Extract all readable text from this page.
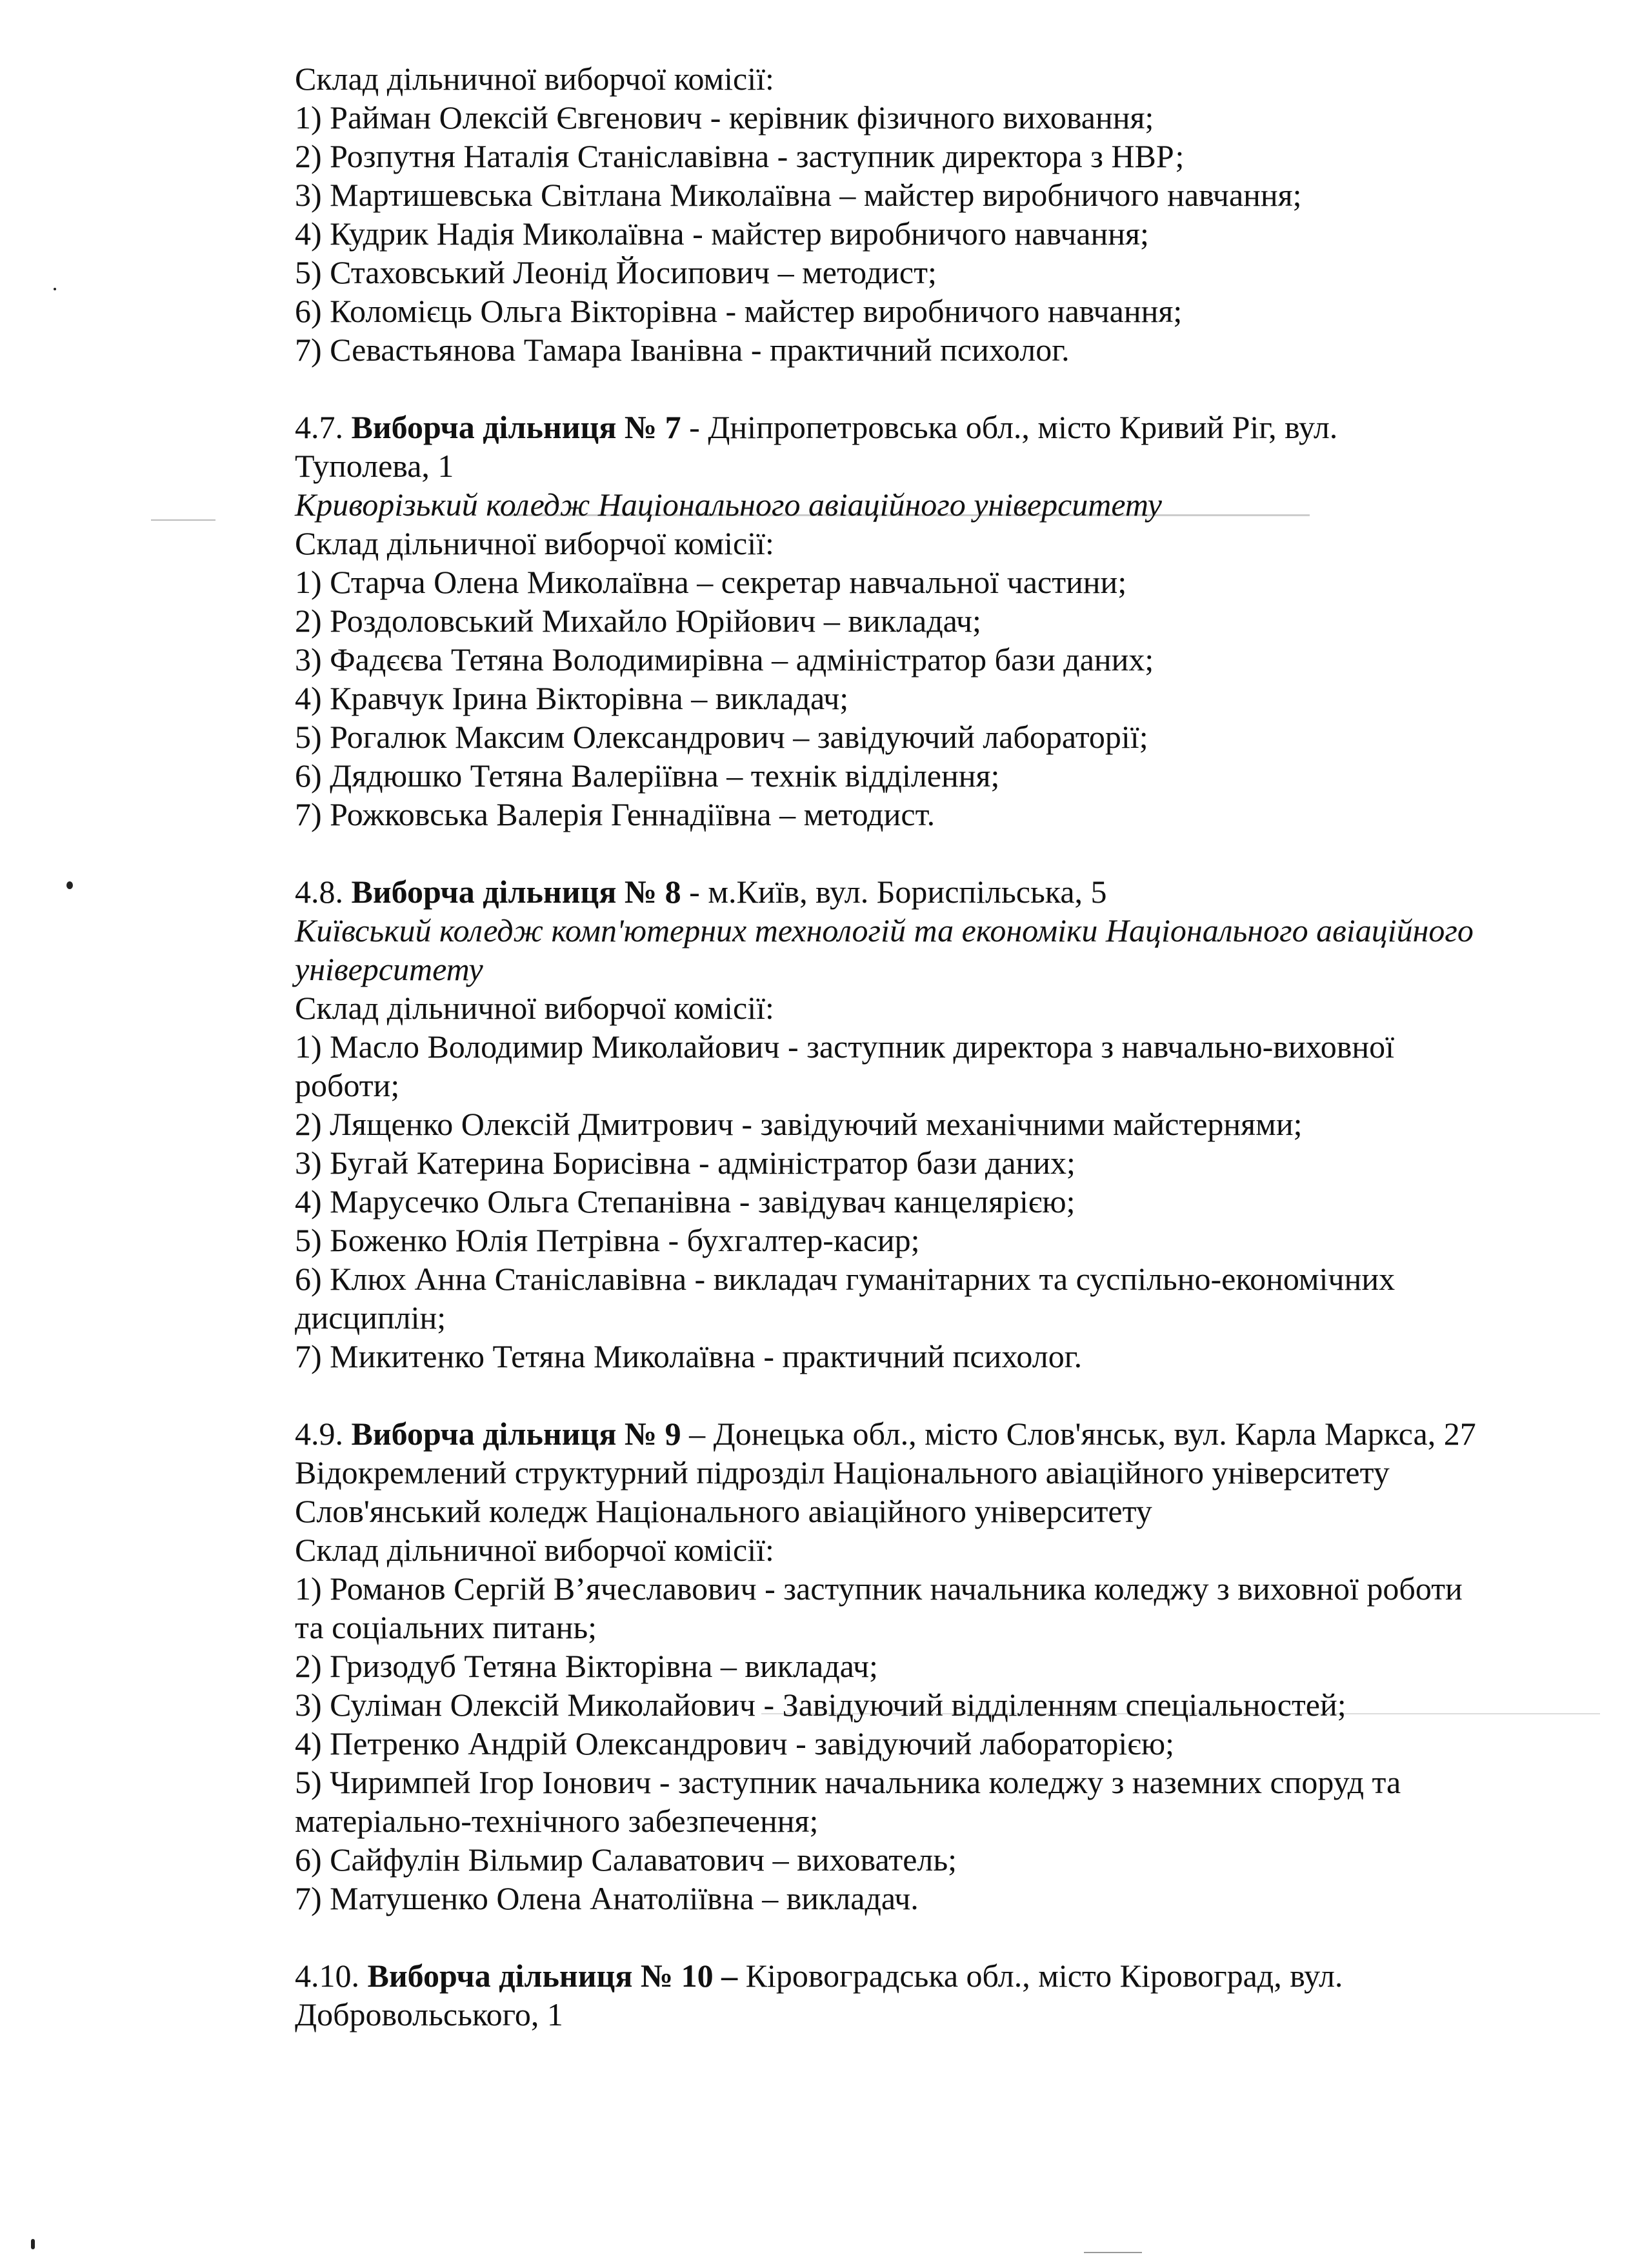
Склад дільничної виборчої комісії:
1) Райман Олексій Євгенович - керівник фізичного виховання;
2) Розпутня Наталія Станіславівна - заступник директора з НВР;
3) Мартишевська Світлана Миколаївна – майстер виробничого навчання;
4) Кудрик Надія Миколаївна - майстер виробничого навчання;
5) Стаховський Леонід Йосипович – методист;
6) Коломієць Ольга Вікторівна - майстер виробничого навчання;
7) Севастьянова Тамара Іванівна - практичний психолог.
4.7. Виборча дільниця № 7 - Дніпропетровська обл., місто Кривий Ріг, вул.
Туполева, 1
Криворізький коледж Національного авіаційного університету
Склад дільничної виборчої комісії:
1) Старча Олена Миколаївна – секретар навчальної частини;
2) Роздоловський Михайло Юрійович – викладач;
3) Фадєєва Тетяна Володимирівна – адміністратор бази даних;
4) Кравчук Ірина Вікторівна – викладач;
5) Рогалюк Максим Олександрович – завідуючий лабораторії;
6) Дядюшко Тетяна Валеріївна – технік відділення;
7) Рожковська Валерія Геннадіївна – методист.
4.8. Виборча дільниця № 8 - м.Київ, вул. Бориспільська, 5
Київський коледж комп'ютерних технологій та економіки Національного авіаційного
університету
Склад дільничної виборчої комісії:
1) Масло Володимир Миколайович - заступник директора з навчально-виховної
роботи;
2) Лященко Олексій Дмитрович - завідуючий механічними майстернями;
3) Бугай Катерина Борисівна - адміністратор бази даних;
4) Марусечко Ольга Степанівна - завідувач канцелярією;
5) Боженко Юлія Петрівна - бухгалтер-касир;
6) Клюх Анна Станіславівна - викладач гуманітарних та суспільно-економічних
дисциплін;
7) Микитенко Тетяна Миколаївна - практичний психолог.
4.9. Виборча дільниця № 9 – Донецька обл., місто Слов'янськ, вул. Карла Маркса, 27
Відокремлений структурний підрозділ Національного авіаційного університету
Слов'янський коледж Національного авіаційного університету
Склад дільничної виборчої комісії:
1) Романов Сергій В’ячеславович - заступник начальника коледжу з виховної роботи
та соціальних питань;
2) Гризодуб Тетяна Вікторівна – викладач;
3) Суліман Олексій Миколайович - Завідуючий відділенням спеціальностей;
4) Петренко Андрій Олександрович - завідуючий лабораторією;
5) Чиримпей Ігор Іонович - заступник начальника коледжу з наземних споруд та
матеріально-технічного забезпечення;
6) Сайфулін Вільмир Салаватович – вихователь;
7) Матушенко Олена Анатоліївна – викладач.
4.10. Виборча дільниця № 10 – Кіровоградська обл., місто Кіровоград, вул.
Добровольського, 1
